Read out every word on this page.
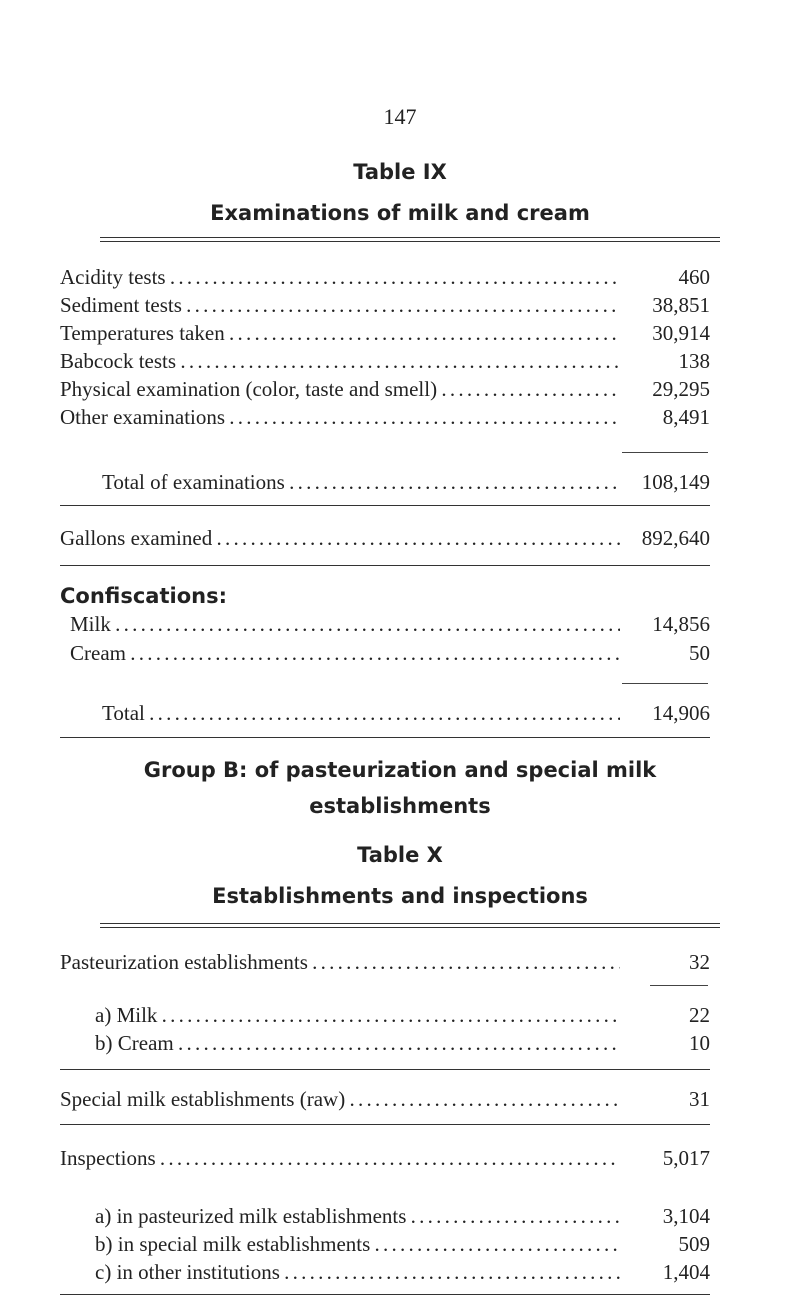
147
Table IX
Examinations of milk and cream
Acidity tests . . .	460
Sediment tests . . .	38,851
Temperatures taken . . .	30,914
Babcock tests . . .	138
Physical examination (color, taste and smell) . . .	29,295
Other examinations . . .	8,491
Total of examinations . . .	108,149
Gallons examined . . .	892,640
Confiscations:
Milk . . .	14,856
Cream . . .	50
Total . . .	14,906
Group B: of pasteurization and special milk
establishments
Table X
Establishments and inspections
Pasteurization establishments . . .	32
a) Milk . . .	22
b) Cream . . .	10
Special milk establishments (raw) . . .	31
Inspections . . .	5,017
a) in pasteurized milk establishments . . .	3,104
b) in special milk establishments . . .	509
c) in other institutions . . .	1,404
